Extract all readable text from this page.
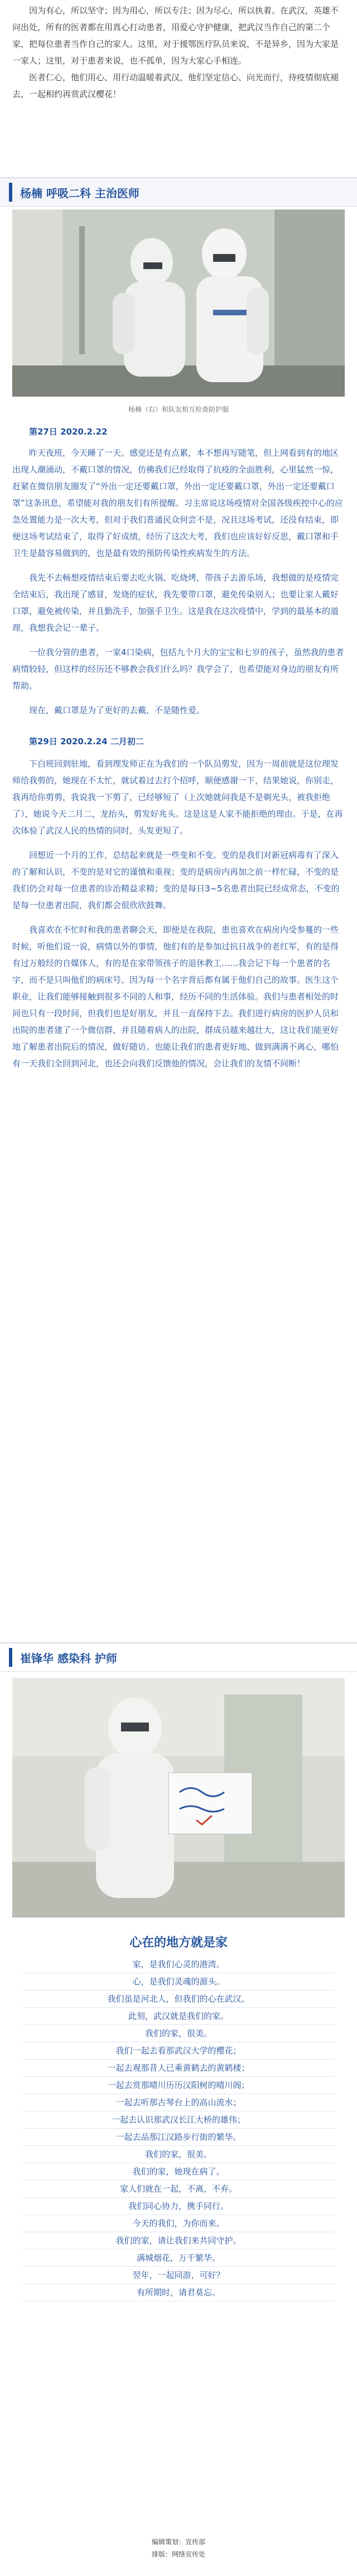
因为有心，所以坚守；因为用心，所以专注；因为尽心，所以执着。在武汉，英雄不问出处，所有的医者都在用真心打动患者，用爱心守护健康，把武汉当作自己的第二个家，把每位患者当作自己的家人。这里，对于援鄂医疗队员来说，不是异乡，因为大家是一家人；这里，对于患者来说，也不孤单，因为大家心手相连。

医者仁心，他们用心、用行动温暖着武汉，他们坚定信心、向光而行，待疫情彻底褪去，一起相约再赏武汉樱花！

杨楠 呼吸二科 主治医师
杨楠（右）和队友相互检查防护服

第27日 2020.2.22

昨天夜班，今天睡了一天。感觉还是有点累，本不想再写随笔，但上网看到有的地区出现人潮涌动，不戴口罩的情况，仿佛我们已经取得了抗疫的全面胜利，心里猛然一惊，赶紧在微信朋友圈发了“外出一定还要戴口罩，外出一定还要戴口罩，外出一定还要戴口罩”这条讯息，希望能对我的朋友们有所提醒。习主席说这场疫情对全国各级疾控中心的应急处置能力是一次大考，但对于我们普通民众何尝不是，况且这场考试，还没有结束，即便这场考试结束了，取得了好成绩，经历了这次大考，我们也应该好好反思，戴口罩和手卫生是最容易做到的，也是最有效的预防传染性疾病发生的方法。

我先不去畅想疫情结束后要去吃火锅、吃烧烤，带孩子去游乐场，我想做的是疫情完全结束后，我出现了感冒，发烧的症状，我先要带口罩，避免传染别人；也要让家人戴好口罩，避免被传染，并且勤洗手，加强手卫生。这是我在这次疫情中，学到的最基本的道理，我想我会记一辈子。

一位我分管的患者，一家4口染病，包括九个月大的宝宝和七岁的孩子，虽然我的患者病情较轻，但这样的经历还不够教会我们什么吗？我学会了，也希望能对身边的朋友有所帮助。

现在，戴口罩是为了更好的去戴，不是随性爱。

第29日 2020.2.24 二月初二

下白班回到驻地，看到理发师正在为我们的一个队员剪发，因为一周前就是这位理发师给我剪的，她现在不太忙，就试着过去打个招呼，顺便感谢一下，结果她说，你别走，我再给你剪剪，我说我一下剪了，已经够短了（上次她就问我是不是剃光头，被我拒绝了），她说今天二月二，龙抬头，剪发好兆头。这是这是人家不能拒绝的理由。于是，在再次体验了武汉人民的热情的同时，头发更短了。

回想近一个月的工作，总结起来就是一些变和不变。变的是我们对新冠病毒有了深入的了解和认识，不变的是对它的谨慎和重视；变的是病房内再加之前一样忙碌，不变的是我们仍会对每一位患者的诊治精益求精；变的是每日3~5名患者出院已经成常态，不变的是每一位患者出院，我们都会很欣欣鼓舞。

我喜欢在不忙时和我的患者聊会天，即便是在我院，患也喜欢在病房内受参蔓的一些时候，听他们说一说，病情以外的事情，他们有的是参加过抗日战争的老红军，有的是得有过万般经的自媒体人，有的是在家带领孩子的退休教工……我会记下每一个患者的名字，而不是只叫他们的病床号。因为每一个名字背后都有属于他们自己的故事。医生这个职业，让我们能够接触到很多不同的人和事，经历不同的生活体验。我们与患者相处的时间也只有一段时间，但我们也是好朋友，并且一直保持下去。我们进行病房的医护人员和出院的患者建了一个微信群，并且随着病人的出院，群成员越来越壮大，这让我们能更好地了解患者出院后的情况，做好随访。也能让我们的患者更好地、做到满满不离心，哪怕有一天我们全回到河北，也还会向我们反馈他的情况，会让我们的友情不间断！

崔锋华 感染科 护师

心在的地方就是家

家，是我们心灵的港湾。

心，是我们灵魂的源头。

我们虽是河北人，但我们的心在武汉。

此刻，武汉就是我们的家。

我们的家，很美。

我们一起去看那武汉大学的樱花；

一起去观那昔人已乘黄鹤去的黄鹤楼；

一起去赏那晴川历历汉阳树的晴川阁；

一起去听那古琴台上的高山流水；

一起去认识那武汉长江大桥的雄伟；

一起去品那江汉路步行街的繁华。

我们的家，很美。

我们的家，她现在病了。

家人们就在一起，不离，不弃。

我们同心协力，携手同行。

今天的我们，为你而来。

我们的家，请让我们来共同守护。

满城烟花，万千繁华。

翌年，一起同游，可好？

有所期时，请君莫忘。

编辑策划：宣传部
排版：网络宣传处
